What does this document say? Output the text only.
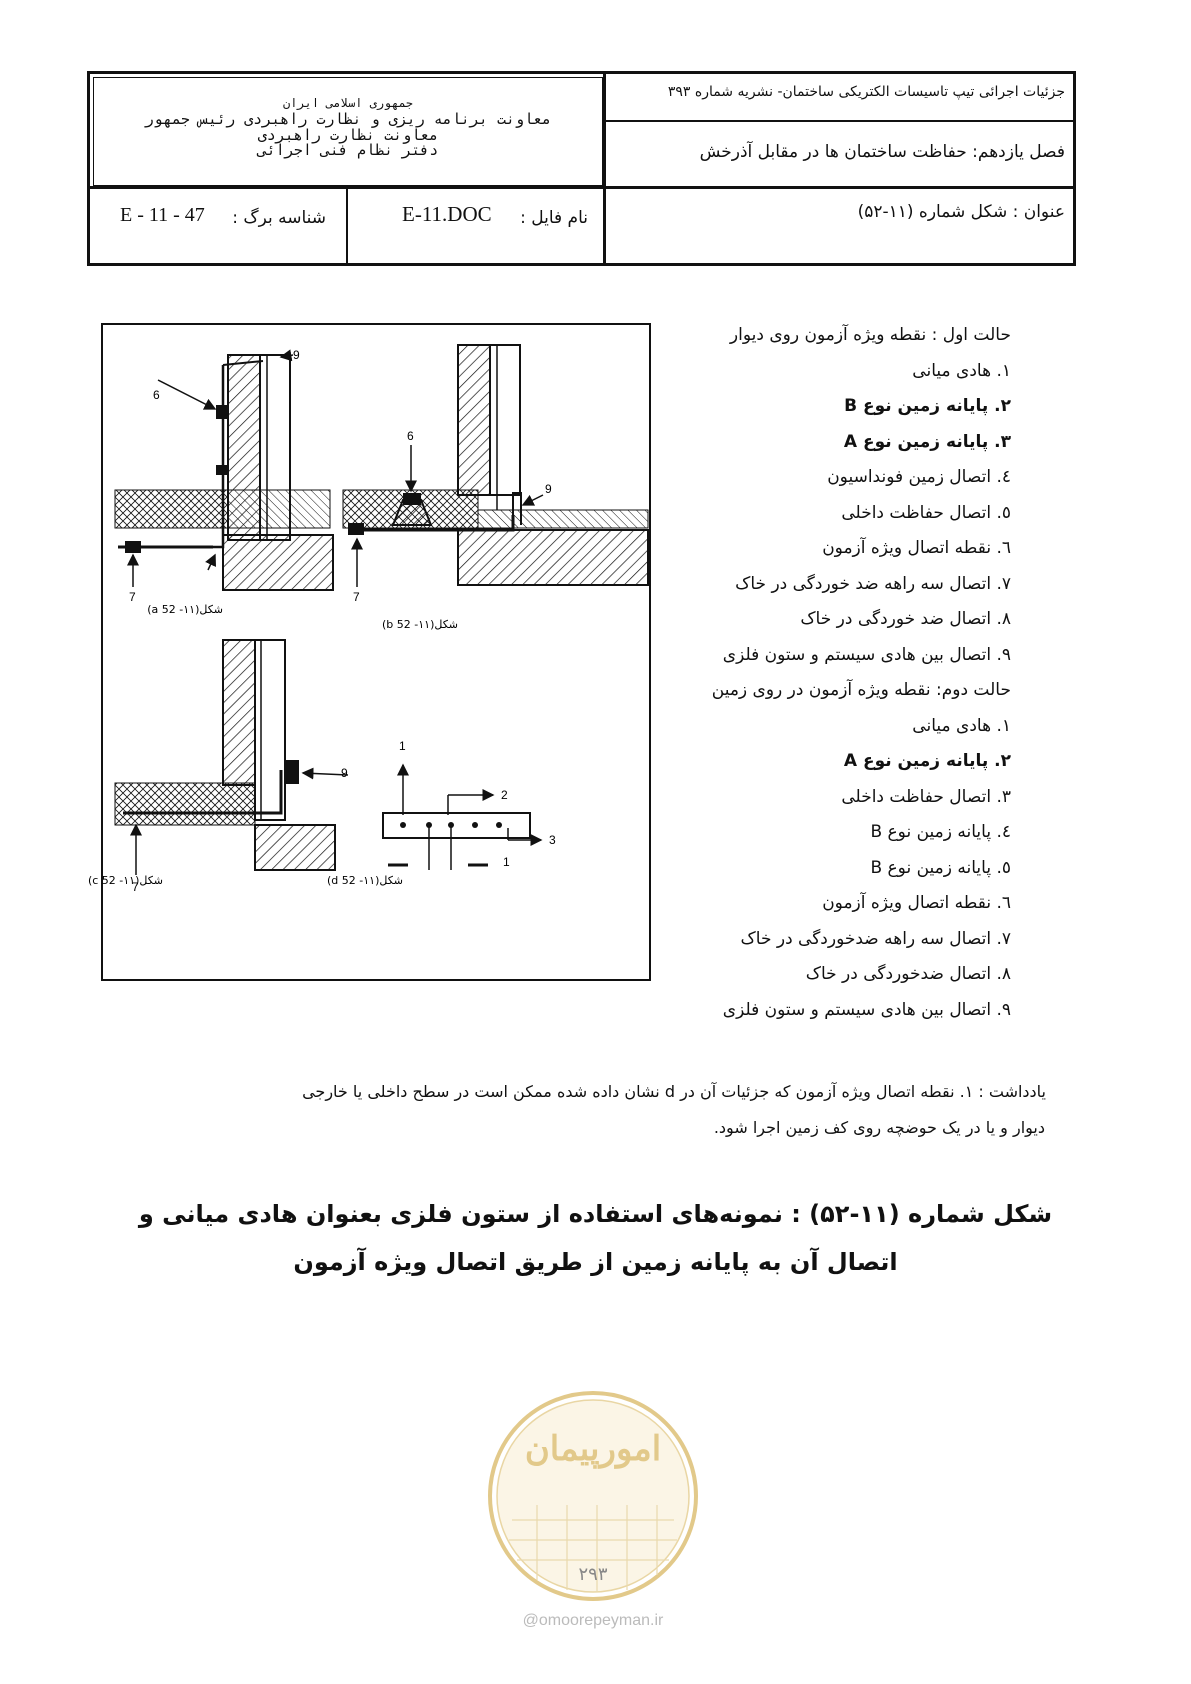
جمهوری اسلامی ایران
معاونت برنامه ریزی و نظارت راهبردی رئیس جمهور
معاونت نظارت راهبردی
دفتر نظام فنی اجرائی
جزئیات اجرائی تیپ تاسیسات الکتریکی ساختمان- نشریه شماره ۳۹۳
فصل یازدهم: حفاظت ساختمان ها در مقابل آذرخش
عنوان : شکل شماره (۱۱-۵۲)
نام فایل :
E-11.DOC
شناسه برگ :
E - 11 - 47
6
9
7
شکل(۱۱- a 52)
6
9
7
شکل(۱۱- b 52)
9
7
شکل(۱۱- c 52)
1
2
3
1
شکل(۱۱- d 52)
حالت اول : نقطه ویژه آزمون روی دیوار
۱. هادی میانی
۲. پایانه زمین نوع B
۳. پایانه زمین نوع A
٤. اتصال زمین فونداسیون
٥. اتصال حفاظت داخلی
٦. نقطه اتصال ویژه آزمون
۷. اتصال سه راهه ضد خوردگی در خاک
۸. اتصال ضد خوردگی در خاک
۹. اتصال بین هادی سیستم و ستون فلزی
حالت دوم: نقطه ویژه آزمون در روی زمین
۱. هادی میانی
۲. پایانه زمین نوع A
۳. اتصال حفاظت داخلی
٤. پایانه زمین نوع B
٥. پایانه زمین نوع B
٦. نقطه اتصال ویژه آزمون
۷. اتصال سه راهه ضدخوردگی در خاک
۸. اتصال ضدخوردگی در خاک
۹. اتصال بین هادی سیستم و ستون فلزی
یادداشت : ۱. نقطه اتصال ویژه آزمون که جزئیات آن در d نشان داده شده ممکن است در سطح داخلی یا خارجی
دیوار و یا در یک حوضچه روی کف زمین اجرا شود.
شکل شماره (۱۱-۵۲) : نمونه‌های استفاده از ستون فلزی بعنوان هادی میانی و
اتصال آن به پایانه زمین از طریق اتصال ویژه آزمون
امورپیمان
۲۹۳
@omoorepeyman.ir
